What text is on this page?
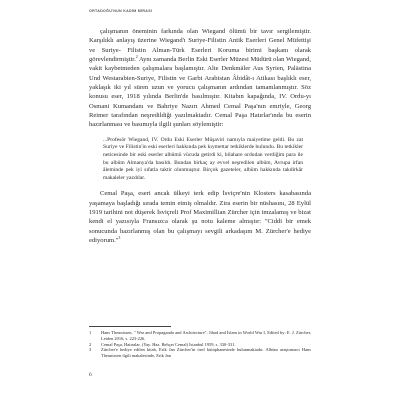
ORTADOĞU'NUN KADİM MİRASI

çalışmanın öneminin farkında olan Wiegand ölümü bir tavır sergilemiştir. Karşılıklı anlayış üzerine Wiegand'ı Suriye-Filistin Antik Eserleri Genel Müfettişi ve Suriye- Filistin Alman-Türk Eserleri Koruma birimi başkanı olarak görevlendirmiştir.$^2$ Aynı zamanda Berlin Eski Eserler Müzesi Müdürü olan Wiegand, vakit kaybetmeden çalışmalara başlamıştır. Alte Denkmäler Aus Syrien, Palästina Und Westarabien-Suriye, Filistin ve Garbi Arabistan Âbidât-ı Atikası başlıklı eser, yaklaşık iki yıl süren uzun ve yorucu çalışmanın ardından tamamlanmıştır. Söz konusu eser, 1918 yılında Berlin'de basılmıştır. Kitabın kapağında, IV. Ordu-yı Osmani Kumandanı ve Bahriye Nazırı Ahmed Cemal Paşa'nın emriyle, Georg Reimer tarafından neşredildiği yazılmaktadır. Cemal Paşa Hatırlar'ında bu eserin hazırlanması ve basımıyla ilgili şunları söylemiştir:

...Profesör Wiegand, IV. Ordu Eski Eserler Müşaviri namıyla maiyetime geldi. Bu zat Suriye ve Filistin'in eski eserleri hakkında pek kıymettar tetkiklerde bulundu. Bu tetkikler neticesinde bir eski eserler albümü vücuda getirdi ki, bilahare ordudan verdiğim para ile bu albüm Almanya'da basıldı. Bundan birkaç ay evvel neşredilen albüm, Avrupa irfan âleminde pek iyi sıfatla taktir olunmuştur. Birçok gazeteler, albüm hakkında takdirkâr makaleler yazdılar.

Cemal Paşa, eseri ancak ülkeyi terk edip İsviçre'nin Klosters kasabasında yaşamaya başladığı sırada temin etmiş olmaldır. Zira eserin bir nüshasını, 28 Eylül 1919 tarihini not düşerek İsviçreli Prof Maximillian Zürcher için imzalamış ve bizat kendi el yazısıyla Fransızca olarak şu notu kaleme almıştır: "Ciddi bir emek sonucunda hazırlanmış olan bu çalışmayı sevgili arkadaşım M. Zürcher'e hediye ediyorum."$^3$

1	Hans Theunissen, " War and Propaganda and Architecture", Jihad and İslam in World War I, Edited by: E. J. Zürcher, Leiden 2016, s. 223-226.
2	Cemal Paşa, Hatıralar, (Yay. Haz. Behçet Cemal) İstanbul 1959, s. 330-331.
3	Zürcher'e hediye edilen kitab, Erik Jan Zürcher'in özel kütüphanesinde bulunmaktadır. Albüm araştırmacı Hans Theunissen ilgili makalesinde, Erik Jan
6
